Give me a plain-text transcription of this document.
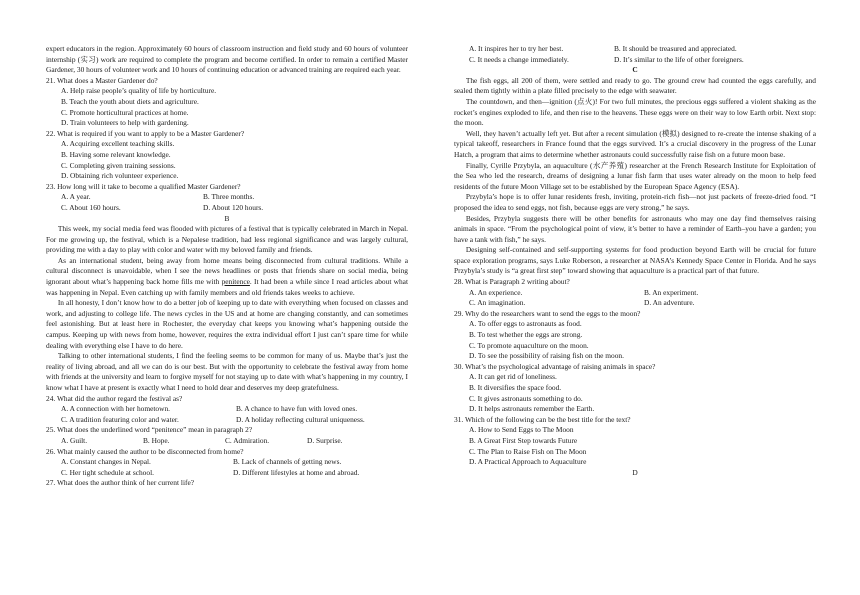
expert educators in the region. Approximately 60 hours of classroom instruction and field study and 60 hours of volunteer internship (实习) work are required to complete the program and become certified. In order to remain a certified Master Gardener, 30 hours of volunteer work and 10 hours of continuing education or advanced training are required each year.

21. What does a Master Gardener do?
A. Help raise people’s quality of life by horticulture.
B. Teach the youth about diets and agriculture.
C. Promote horticultural practices at home.
D. Train volunteers to help with gardening.
22. What is required if you want to apply to be a Master Gardener?
A. Acquiring excellent teaching skills.
B. Having some relevant knowledge.
C. Completing given training sessions.
D. Obtaining rich volunteer experience.
23. How long will it take to become a qualified Master Gardener?
A. A year.	B. Three months.
C. About 160 hours.	D. About 120 hours.
B

This week, my social media feed was flooded with pictures of a festival that is typically celebrated in March in Nepal. For me growing up, the festival, which is a Nepalese tradition, had less regional significance and was largely cultural, providing me with a day to play with color and water with my beloved family and friends.

As an international student, being away from home means being disconnected from cultural traditions. While a cultural disconnect is unavoidable, when I see the news headlines or posts that friends share on social media, being ignorant about what’s happening back home fills me with penitence. It had been a while since I read articles about what was happening in Nepal. Even catching up with family members and old friends takes weeks to achieve.

In all honesty, I don’t know how to do a better job of keeping up to date with everything when focused on classes and work, and adjusting to college life. The news cycles in the US and at home are changing constantly, and can sometimes feel astonishing. But at least here in Rochester, the everyday chat keeps you knowing what’s happening outside the campus. Keeping up with news from home, however, requires the extra individual effort I just can’t spare time for while dealing with everything else I have to do here.

Talking to other international students, I find the feeling seems to be common for many of us. Maybe that’s just the reality of living abroad, and all we can do is our best. But with the opportunity to celebrate the festival away from home with friends at the university and learn to forgive myself for not staying up to date with what’s happening in my country, I know what I have at present is exactly what I need to hold dear and deserves my deep gratefulness.

24. What did the author regard the festival as?
A. A connection with her hometown.	B. A chance to have fun with loved ones.
C. A tradition featuring color and water.	D. A holiday reflecting cultural uniqueness.
25. What does the underlined word “penitence” mean in paragraph 2?
A. Guilt.	B. Hope.	C. Admiration.	D. Surprise.
26. What mainly caused the author to be disconnected from home?
A. Constant changes in Nepal.	B. Lack of channels of getting news.
C. Her tight schedule at school.	D. Different lifestyles at home and abroad.
27. What does the author think of her current life?
A. It inspires her to try her best.	B. It should be treasured and appreciated.
C. It needs a change immediately.	D. It’s similar to the life of other foreigners.
C

The fish eggs, all 200 of them, were settled and ready to go. The ground crew had counted the eggs carefully, and sealed them tightly within a plate filled precisely to the edge with seawater.

The countdown, and then—ignition (点火)! For two full minutes, the precious eggs suffered a violent shaking as the rocket’s engines exploded to life, and then rise to the heavens. These eggs were on their way to low Earth orbit. Next stop: the moon.

Well, they haven’t actually left yet. But after a recent simulation (模拟) designed to re-create the intense shaking of a typical takeoff, researchers in France found that the eggs survived. It’s a crucial discovery in the progress of the Lunar Hatch, a program that aims to determine whether astronauts could successfully raise fish on a future moon base.

Finally, Cyrille Przybyla, an aquaculture (水产养殖) researcher at the French Research Institute for Exploitation of the Sea who led the research, dreams of designing a lunar fish farm that uses water already on the moon to help feed residents of the future Moon Village set to be established by the European Space Agency (ESA).

Przybyla’s hope is to offer lunar residents fresh, inviting, protein-rich fish—not just packets of freeze-dried food. “I proposed the idea to send eggs, not fish, because eggs are very strong,” he says.

Besides, Przybyla suggests there will be other benefits for astronauts who may one day find themselves raising animals in space. “From the psychological point of view, it’s better to have a reminder of Earth–you have a garden; you have a tank with fish,” he says.

Designing self-contained and self-supporting systems for food production beyond Earth will be crucial for future space exploration programs, says Luke Roberson, a researcher at NASA’s Kennedy Space Center in Florida. And he says Przybyla’s study is “a great first step” toward showing that aquaculture is a practical part of that future.

28. What is Paragraph 2 writing about?
A. An experience.	B. An experiment.
C. An imagination.	D. An adventure.
29. Why do the researchers want to send the eggs to the moon?
A. To offer eggs to astronauts as food.
B. To test whether the eggs are strong.
C. To promote aquaculture on the moon.
D. To see the possibility of raising fish on the moon.
30. What’s the psychological advantage of raising animals in space?
A. It can get rid of loneliness.
B. It diversifies the space food.
C. It gives astronauts something to do.
D. It helps astronauts remember the Earth.
31. Which of the following can be the best title for the text?
A. How to Send Eggs to The Moon
B. A Great First Step towards Future
C. The Plan to Raise Fish on The Moon
D. A Practical Approach to Aquaculture
D
